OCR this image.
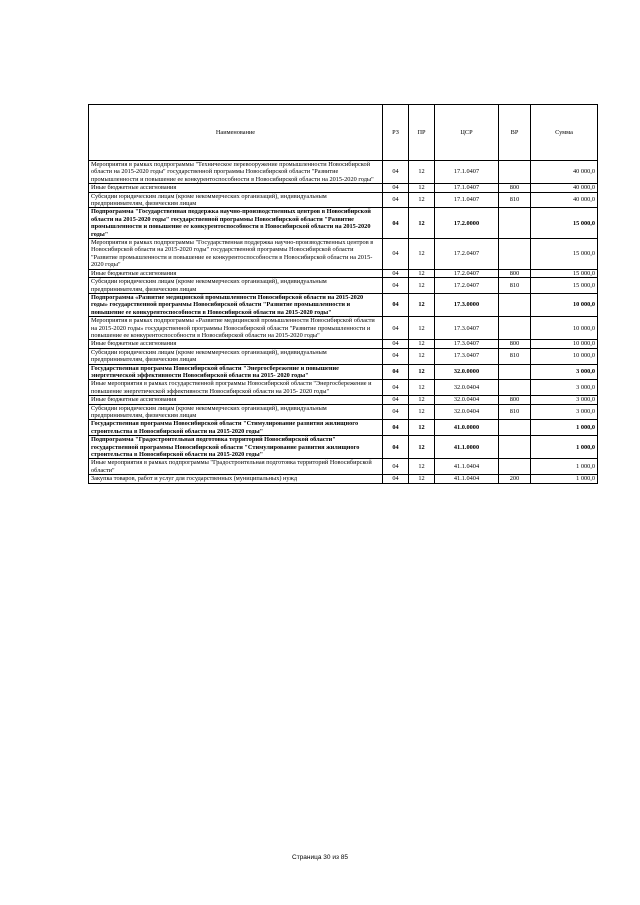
Наименование	РЗ	ПР	ЦСР	ВР	Сумма
Мероприятия в рамках подпрограммы "Техническое перевооружение промышленности Новосибирской области на 2015-2020 годы" государственной программы Новосибирской области "Развитие промышленности и повышение ее конкурентоспособности в Новосибирской области на 2015-2020 годы"	04	12	17.1.0407		40 000,0
Иные бюджетные ассигнования	04	12	17.1.0407	800	40 000,0
Субсидии юридическим лицам (кроме некоммерческих организаций), индивидуальным предпринимателям, физическим лицам	04	12	17.1.0407	810	40 000,0
Подпрограмма "Государственная поддержка научно-производственных центров в Новосибирской области на 2015-2020 годы" государственной программы Новосибирской области "Развитие промышленности и повышение ее конкурентоспособности в Новосибирской области на 2015-2020 годы"	04	12	17.2.0000		15 000,0
Мероприятия в рамках подпрограммы "Государственная поддержка научно-производственных центров в Новосибирской области на 2015-2020 годы" государственной программы Новосибирской области "Развитие промышленности и повышение ее конкурентоспособности в Новосибирской области на 2015-2020 годы"	04	12	17.2.0407		15 000,0
Иные бюджетные ассигнования	04	12	17.2.0407	800	15 000,0
Субсидии юридическим лицам (кроме некоммерческих организаций), индивидуальным предпринимателям, физическим лицам	04	12	17.2.0407	810	15 000,0
Подпрограмма «Развитие медицинской промышленности Новосибирской области на 2015-2020 годы» государственной программы Новосибирской области "Развитие промышленности и повышение ее конкурентоспособности в Новосибирской области на 2015-2020 годы"	04	12	17.3.0000		10 000,0
Мероприятия в рамках подпрограммы «Развитие медицинской промышленности Новосибирской области на 2015-2020 годы» государственной программы Новосибирской области "Развитие промышленности и повышение ее конкурентоспособности в Новосибирской области на 2015-2020 годы"	04	12	17.3.0407		10 000,0
Иные бюджетные ассигнования	04	12	17.3.0407	800	10 000,0
Субсидии юридическим лицам (кроме некоммерческих организаций), индивидуальным предпринимателям, физическим лицам	04	12	17.3.0407	810	10 000,0
Государственная программа Новосибирской области "Энергосбережение и повышение энергетической эффективности Новосибирской области на 2015- 2020 годы"	04	12	32.0.0000		3 000,0
Иные мероприятия в рамках государственной программы Новосибирской области "Энергосбережение и повышение энергетической эффективности Новосибирской области на 2015- 2020 годы"	04	12	32.0.0404		3 000,0
Иные бюджетные ассигнования	04	12	32.0.0404	800	3 000,0
Субсидии юридическим лицам (кроме некоммерческих организаций), индивидуальным предпринимателям, физическим лицам	04	12	32.0.0404	810	3 000,0
Государственная программа Новосибирской области "Стимулирование развития жилищного строительства в Новосибирской области на 2015-2020 годы"	04	12	41.0.0000		1 000,0
Подпрограмма "Градостроительная подготовка территорий Новосибирской области" государственной программы Новосибирской области "Стимулирование развития жилищного строительства в Новосибирской области на 2015-2020 годы"	04	12	41.1.0000		1 000,0
Иные мероприятия в рамках подпрограммы "Градостроительная подготовка территорий Новосибирской области"	04	12	41.1.0404		1 000,0
Закупка товаров, работ и услуг для государственных (муниципальных) нужд	04	12	41.1.0404	200	1 000,0
Страница 30 из 85
